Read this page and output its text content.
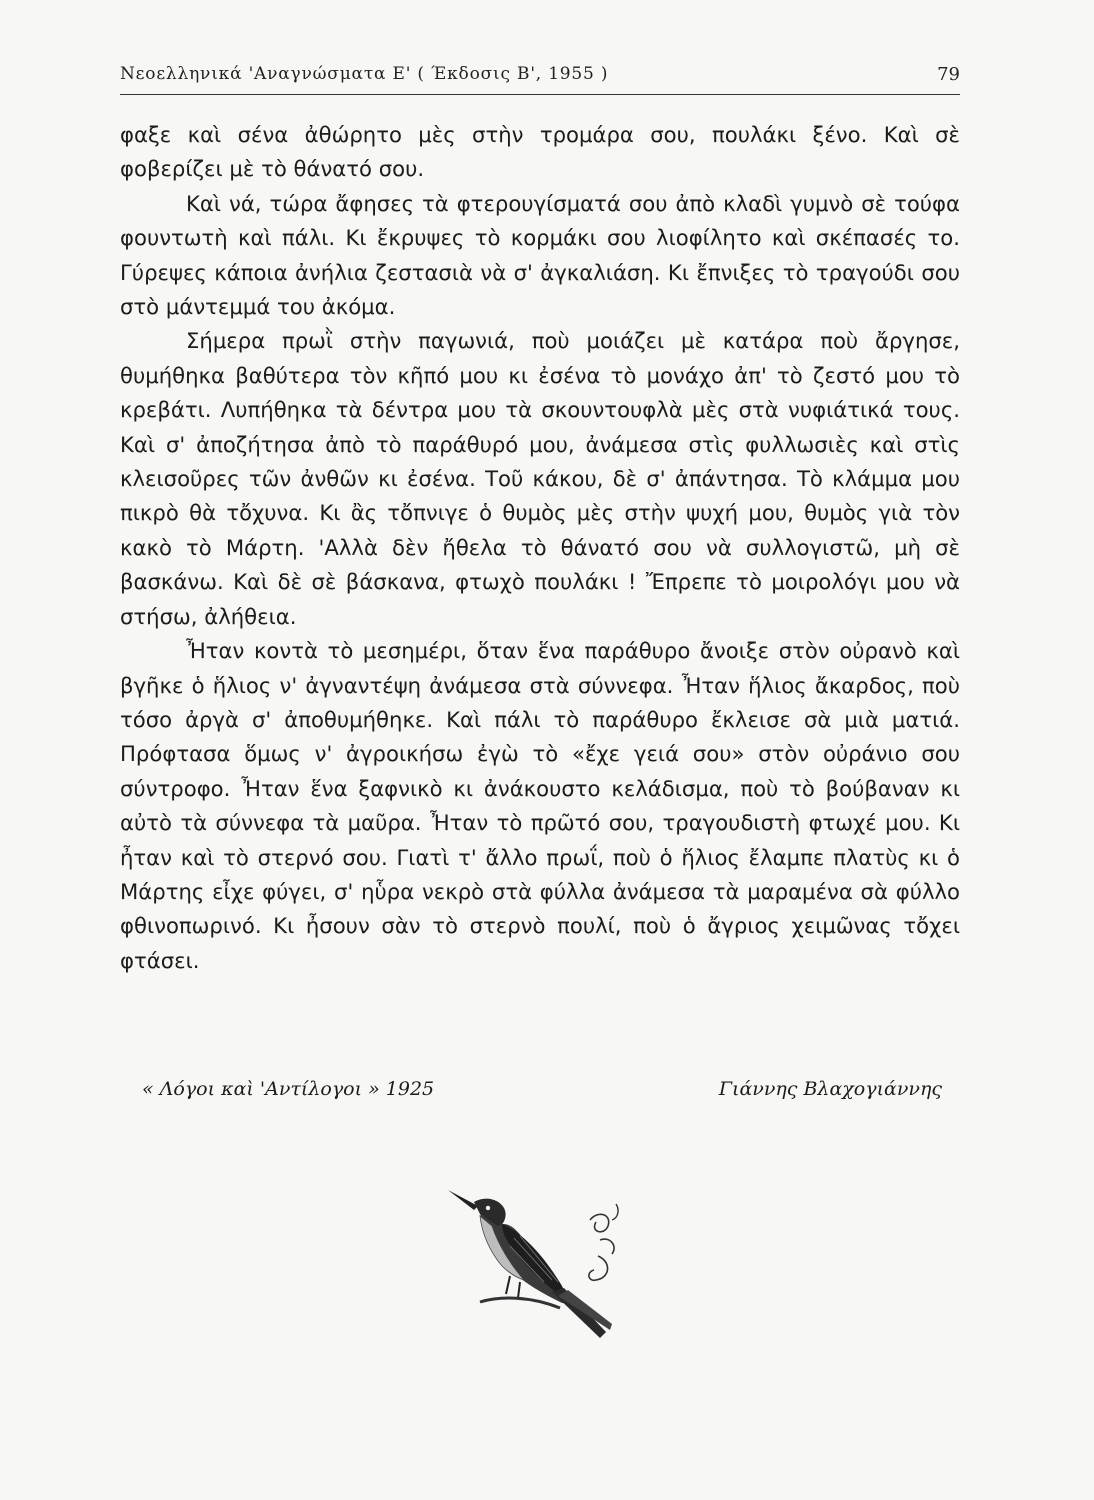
Νεοελληνικά 'Αναγνώσματα Ε' ( Έκδοσις Β', 1955 )	79

φαξε καὶ σένα ἀθώρητο μὲς στὴν τρομάρα σου, πουλάκι ξένο. Καὶ σὲ φοβερίζει μὲ τὸ θάνατό σου.

Καὶ νά, τώρα ἄφησες τὰ φτερουγίσματά σου ἀπὸ κλαδὶ γυμνὸ σὲ τούφα φουντωτὴ καὶ πάλι. Κι ἔκρυψες τὸ κορμάκι σου λιοφίλητο καὶ σκέπασές το. Γύρεψες κάποια ἀνήλια ζεστασιὰ νὰ σ' ἀγκαλιάση. Κι ἔπνιξες τὸ τραγούδι σου στὸ μάντεμμά του ἀκόμα.

Σήμερα πρωῒ στὴν παγωνιά, ποὺ μοιάζει μὲ κατάρα ποὺ ἄργησε, θυμήθηκα βαθύτερα τὸν κῆπό μου κι ἐσένα τὸ μονάχο ἀπ' τὸ ζεστό μου τὸ κρεβάτι. Λυπήθηκα τὰ δέντρα μου τὰ σκουντουφλὰ μὲς στὰ νυφιάτικά τους. Καὶ σ' ἀποζήτησα ἀπὸ τὸ παράθυρό μου, ἀνάμεσα στὶς φυλλωσιὲς καὶ στὶς κλεισοῦρες τῶν ἀνθῶν κι ἐσένα. Τοῦ κάκου, δὲ σ' ἀπάντησα. Τὸ κλάμμα μου πικρὸ θὰ τὄχυνα. Κι ἂς τὄπνιγε ὁ θυμὸς μὲς στὴν ψυχή μου, θυμὸς γιὰ τὸν κακὸ τὸ Μάρτη. 'Αλλὰ δὲν ἤθελα τὸ θάνατό σου νὰ συλλογιστῶ, μὴ σὲ βασκάνω. Καὶ δὲ σὲ βάσκανα, φτωχὸ πουλάκι ! Ἔπρεπε τὸ μοιρολόγι μου νὰ στήσω, ἀλήθεια.

Ἦταν κοντὰ τὸ μεσημέρι, ὅταν ἕνα παράθυρο ἄνοιξε στὸν οὐρανὸ καὶ βγῆκε ὁ ἥλιος ν' ἀγναντέψη ἀνάμεσα στὰ σύννεφα. Ἦταν ἥλιος ἄκαρδος, ποὺ τόσο ἀργὰ σ' ἀποθυμήθηκε. Καὶ πάλι τὸ παράθυρο ἔκλεισε σὰ μιὰ ματιά. Πρόφτασα ὅμως ν' ἀγροικήσω ἐγὼ τὸ «ἔχε γειά σου» στὸν οὐράνιο σου σύντροφο. Ἦταν ἕνα ξαφνικὸ κι ἀνάκουστο κελάδισμα, ποὺ τὸ βούβαναν κι αὐτὸ τὰ σύννεφα τὰ μαῦρα. Ἦταν τὸ πρῶτό σου, τραγουδιστὴ φτωχέ μου. Κι ἦταν καὶ τὸ στερνό σου. Γιατὶ τ' ἄλλο πρωΐ, ποὺ ὁ ἥλιος ἔλαμπε πλατὺς κι ὁ Μάρτης εἶχε φύγει, σ' ηὗρα νεκρὸ στὰ φύλλα ἀνάμεσα τὰ μαραμένα σὰ φύλλο φθινοπωρινό. Κι ἦσουν σὰν τὸ στερνὸ πουλί, ποὺ ὁ ἄγριος χειμῶνας τὄχει φτάσει.

« Λόγοι καὶ 'Αντίλογοι » 1925	Γιάννης Βλαχογιάννης
